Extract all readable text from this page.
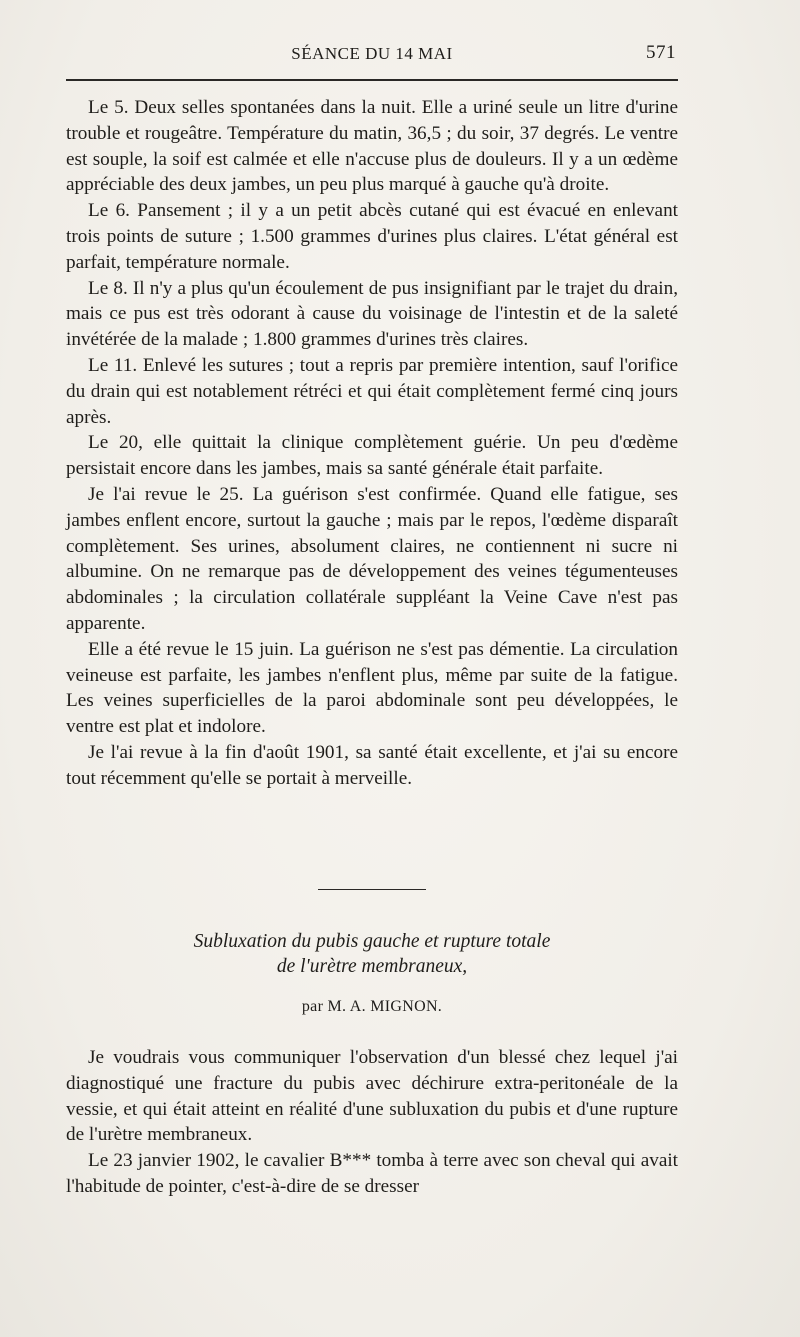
SÉANCE DU 14 MAI	571

Le 5. Deux selles spontanées dans la nuit. Elle a uriné seule un litre d'urine trouble et rougeâtre. Température du matin, 36,5 ; du soir, 37 degrés. Le ventre est souple, la soif est calmée et elle n'accuse plus de douleurs. Il y a un œdème appréciable des deux jambes, un peu plus marqué à gauche qu'à droite.

Le 6. Pansement ; il y a un petit abcès cutané qui est évacué en enlevant trois points de suture ; 1.500 grammes d'urines plus claires. L'état général est parfait, température normale.

Le 8. Il n'y a plus qu'un écoulement de pus insignifiant par le trajet du drain, mais ce pus est très odorant à cause du voisinage de l'intestin et de la saleté invétérée de la malade ; 1.800 grammes d'urines très claires.

Le 11. Enlevé les sutures ; tout a repris par première intention, sauf l'orifice du drain qui est notablement rétréci et qui était complètement fermé cinq jours après.

Le 20, elle quittait la clinique complètement guérie. Un peu d'œdème persistait encore dans les jambes, mais sa santé générale était parfaite.

Je l'ai revue le 25. La guérison s'est confirmée. Quand elle fatigue, ses jambes enflent encore, surtout la gauche ; mais par le repos, l'œdème disparaît complètement. Ses urines, absolument claires, ne contiennent ni sucre ni albumine. On ne remarque pas de développement des veines tégumenteuses abdominales ; la circulation collatérale suppléant la Veine Cave n'est pas apparente.

Elle a été revue le 15 juin. La guérison ne s'est pas démentie. La circulation veineuse est parfaite, les jambes n'enflent plus, même par suite de la fatigue. Les veines superficielles de la paroi abdominale sont peu développées, le ventre est plat et indolore.

Je l'ai revue à la fin d'août 1901, sa santé était excellente, et j'ai su encore tout récemment qu'elle se portait à merveille.

Subluxation du pubis gauche et rupture totale
de l'urètre membraneux,
par M. A. MIGNON.

Je voudrais vous communiquer l'observation d'un blessé chez lequel j'ai diagnostiqué une fracture du pubis avec déchirure extra-peritonéale de la vessie, et qui était atteint en réalité d'une subluxation du pubis et d'une rupture de l'urètre membraneux.

Le 23 janvier 1902, le cavalier B*** tomba à terre avec son cheval qui avait l'habitude de pointer, c'est-à-dire de se dresser
